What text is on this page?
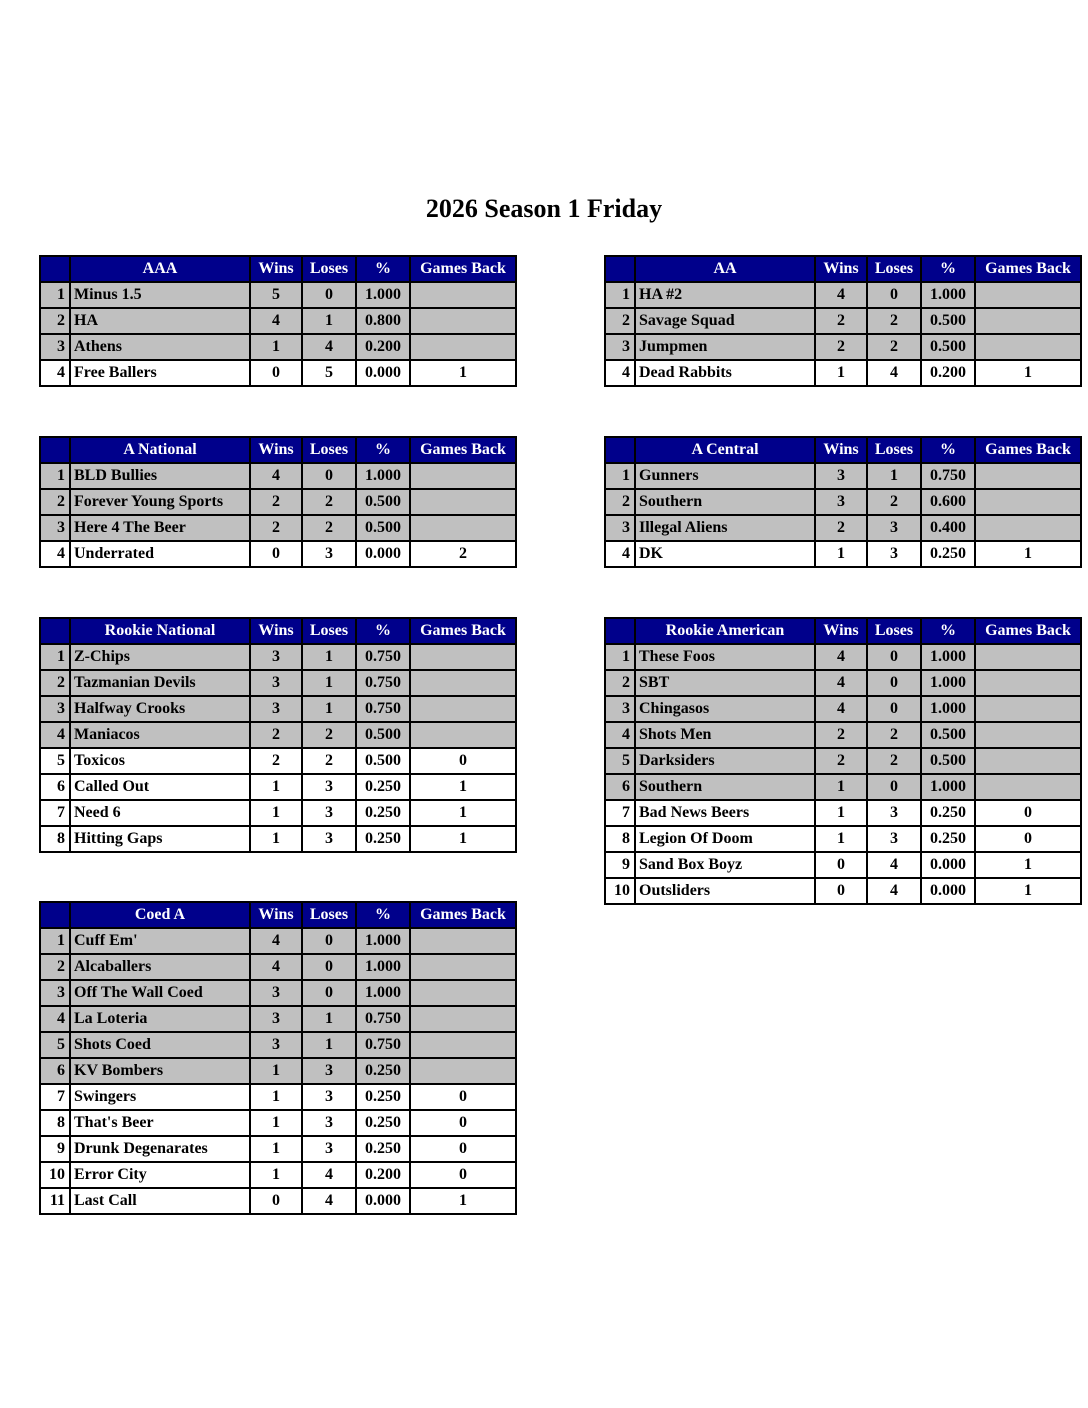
2026 Season 1 Friday
	AAA	Wins	Loses	%	Games Back
1	Minus 1.5	5	0	1.000	
2	HA	4	1	0.800	
3	Athens	1	4	0.200	
4	Free Ballers	0	5	0.000	1
	AA	Wins	Loses	%	Games Back
1	HA #2	4	0	1.000	
2	Savage Squad	2	2	0.500	
3	Jumpmen	2	2	0.500	
4	Dead Rabbits	1	4	0.200	1
	A National	Wins	Loses	%	Games Back
1	BLD Bullies	4	0	1.000	
2	Forever Young Sports	2	2	0.500	
3	Here 4 The Beer	2	2	0.500	
4	Underrated	0	3	0.000	2
	A Central	Wins	Loses	%	Games Back
1	Gunners	3	1	0.750	
2	Southern	3	2	0.600	
3	Illegal Aliens	2	3	0.400	
4	DK	1	3	0.250	1
	Rookie National	Wins	Loses	%	Games Back
1	Z-Chips	3	1	0.750	
2	Tazmanian Devils	3	1	0.750	
3	Halfway Crooks	3	1	0.750	
4	Maniacos	2	2	0.500	
5	Toxicos	2	2	0.500	0
6	Called Out	1	3	0.250	1
7	Need 6	1	3	0.250	1
8	Hitting Gaps	1	3	0.250	1
	Rookie American	Wins	Loses	%	Games Back
1	These Foos	4	0	1.000	
2	SBT	4	0	1.000	
3	Chingasos	4	0	1.000	
4	Shots Men	2	2	0.500	
5	Darksiders	2	2	0.500	
6	Southern	1	0	1.000	
7	Bad News Beers	1	3	0.250	0
8	Legion Of Doom	1	3	0.250	0
9	Sand Box Boyz	0	4	0.000	1
10	Outsliders	0	4	0.000	1
	Coed A	Wins	Loses	%	Games Back
1	Cuff Em'	4	0	1.000	
2	Alcaballers	4	0	1.000	
3	Off The Wall Coed	3	0	1.000	
4	La Loteria	3	1	0.750	
5	Shots Coed	3	1	0.750	
6	KV Bombers	1	3	0.250	
7	Swingers	1	3	0.250	0
8	That's Beer	1	3	0.250	0
9	Drunk Degenarates	1	3	0.250	0
10	Error City	1	4	0.200	0
11	Last Call	0	4	0.000	1
